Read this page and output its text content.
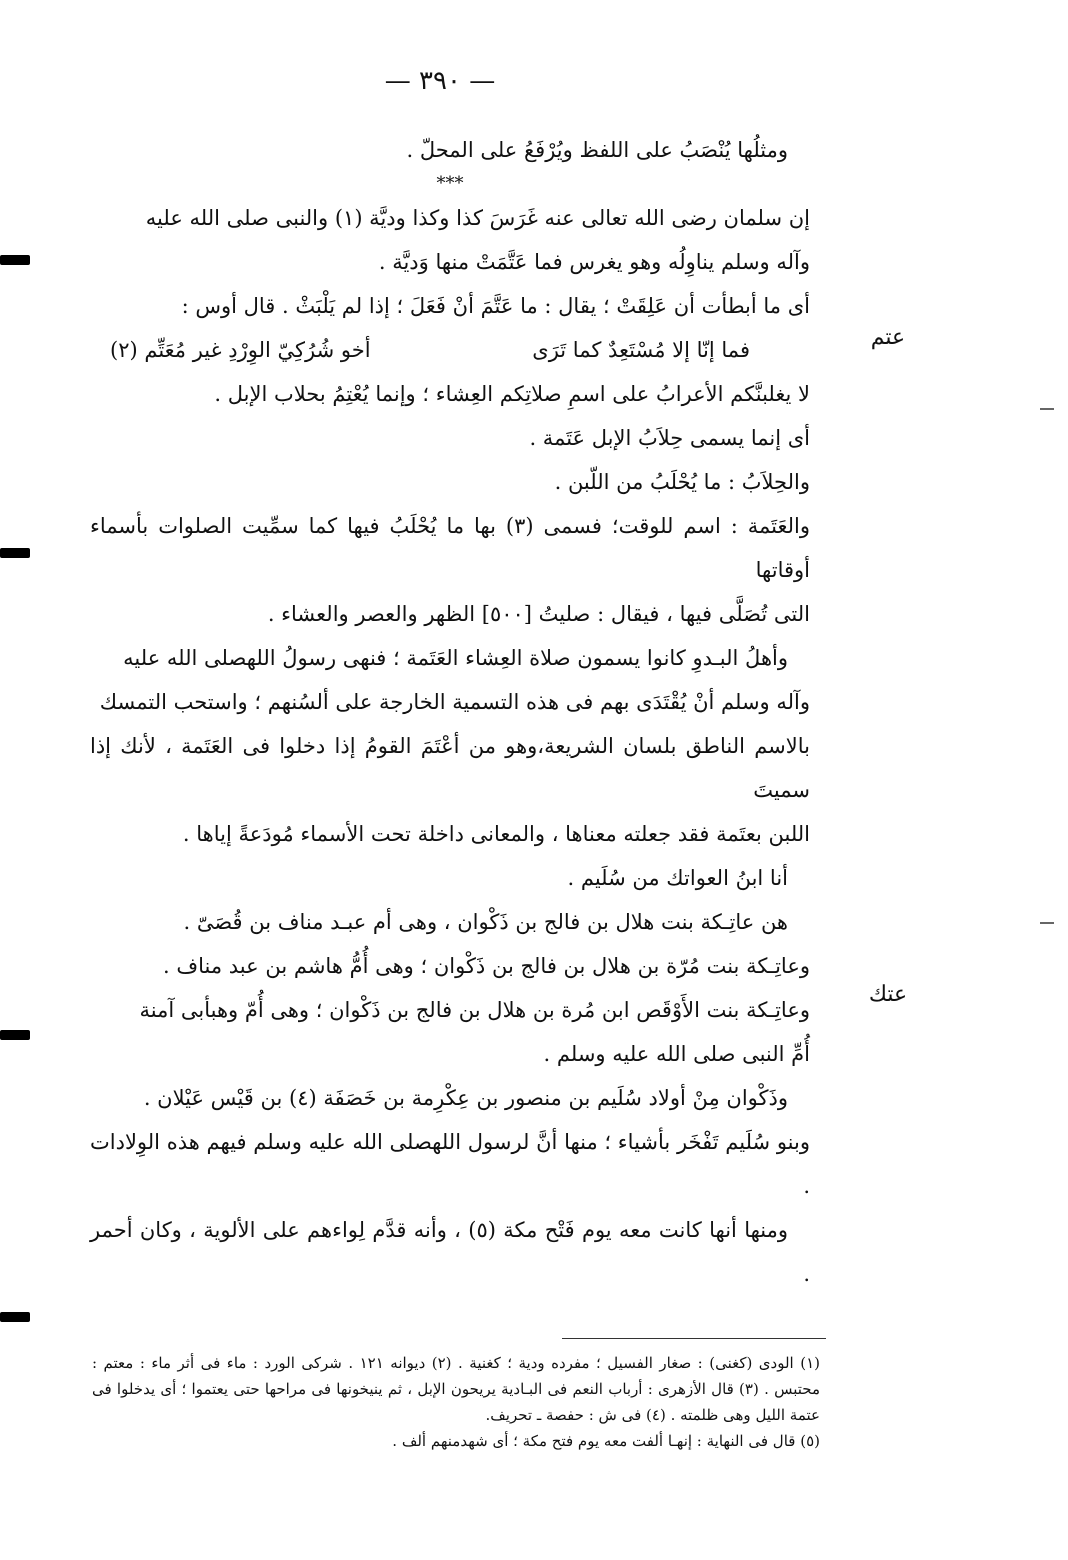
— ٣٩٠ —
عتم
عتك

ومثلُها يُنْصَبُ على اللفظ ويُرْفَعُ على المحلّ .

***

إن سلمان رضى الله تعالى عنه غَرَسَ كذا وكذا وديَّة (١) والنبى صلى الله عليه

وآله وسلم يناوِلُه وهو يغرس فما عَتَّمَتْ منها وَديَّة .

أى ما أبطأت أن عَلِقَتْ ؛ يقال : ما عَتَّمَ أنْ فَعَلَ ؛ إذا لم يَلْبَثْ . قال أوس :

فما إنّا إلا مُسْتَعِدٌ كما تَرَى
أخو شُرُكِيّ الوِرْدِ غير مُعَتِّم (٢)

لا يغلبنَّكم الأعرابُ على اسمِ صلاتِكم العِشاء ؛ وإنما يُعْتِمُ بحلاب الإبل .

أى إنما يسمى حِلاَبُ الإبل عَتَمة .

والحِلاَبُ : ما يُحْلَبُ من اللّبن .

والعَتَمة : اسم للوقت؛ فسمى (٣) بها ما يُحْلَبُ فيها كما سمِّيت الصلوات بأسماء أوقاتها

التى تُصَلَّى فيها ، فيقال : صليتُ [٥٠٠] الظهر والعصر والعشاء .

وأهلُ البـدوِ كانوا يسمون صلاة العِشاء العَتَمة ؛ فنهى رسولُ اللهصلى الله عليه

وآله وسلم أنْ يُقْتَدَى بهم فى هذه التسمية الخارجة على ألسُنهم ؛ واستحب التمسك

بالاسم الناطق بلسان الشريعة،وهو من أعْتَمَ القومُ إذا دخلوا فى العَتَمة ، لأنك إذا سميتَ

اللبن بعتَمة فقد جعلته معناها ، والمعانى داخلة تحت الأسماء مُودَعةً إياها .

أنا ابنُ العواتك من سُلَيم .

هن عاتِـكة بنت هلال بن فالج بن ذَكْوان ، وهى أم عبـد مناف بن قُصَىّ .

وعاتِـكة بنت مُرّة بن هلال بن فالج بن ذَكْوان ؛ وهى أُمُّ هاشم بن عبد مناف .

وعاتِـكة بنت الأَوْقَص ابن مُرة بن هلال بن فالج بن ذَكْوان ؛ وهى أُمّ وهبأبى آمنة

أُمِّ النبى صلى الله عليه وسلم .

وذَكْوان مِنْ أولاد سُلَيم بن منصور بن عِكْرِمة بن خَصَفَة (٤) بن قَيْس عَيْلان .

وبنو سُلَيم تَفْخَر بأشياء ؛ منها أنَّ لرسول اللهصلى الله عليه وسلم فيهم هذه الوِلادات .

ومنها أنها كانت معه يوم فَتْح مكة (٥) ، وأنه قدَّم لِواءهم على الألوية ، وكان أحمر .

(١) الودى (كغنى) : صغار الفسيل ؛ مفرده ودية ؛ كغنية . (٢) ديوانه ١٢١ . شرکى الورد : ماء فى أثر ماء : معتم : محتبس . (٣) قال الأزهرى : أرباب النعم فى البـادية يريحون الإبل ، ثم ينيخونها فى مراحها حتى يعتموا ؛ أى يدخلوا فى عتمة الليل وهى ظلمته . (٤) فى ش : حفصة ـ تحريف.

(٥) قال فى النهاية : إنهـا ألفت معه يوم فتح مكة ؛ أى شهدمنهم ألف .
